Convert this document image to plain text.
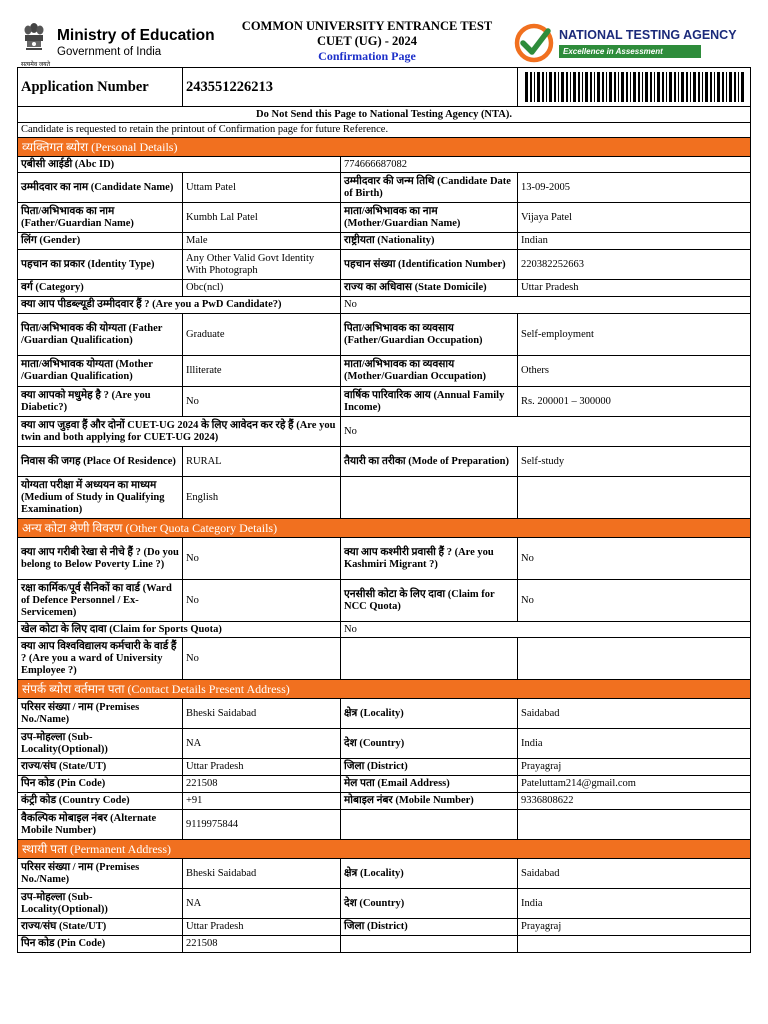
Ministry of Education
Government of India
सत्यमेव जयते
COMMON UNIVERSITY ENTRANCE TEST
CUET (UG) - 2024
Confirmation Page
NATIONAL TESTING AGENCY
Excellence in Assessment
Application Number	243551226213	

Do Not Send this Page to National Testing Agency (NTA).			
Candidate is requested to retain the printout of Confirmation page for future Reference.			
व्यक्तिगत ब्योरा (Personal Details)			
एबीसी आईडी (Abc ID)		774666687082	
उम्मीदवार का नाम (Candidate Name)	Uttam Patel	उम्मीदवार की जन्म तिथि (Candidate Date of Birth)	13-09-2005
पिता/अभिभावक का नाम (Father/Guardian Name)	Kumbh Lal Patel	माता/अभिभावक का नाम (Mother/Guardian Name)	Vijaya Patel
लिंग (Gender)	Male	राष्ट्रीयता (Nationality)	Indian
पहचान का प्रकार (Identity Type)	Any Other Valid Govt Identity With Photograph	पहचान संख्या (Identification Number)	220382252663
वर्ग (Category)	Obc(ncl)	राज्य का अधिवास (State Domicile)	Uttar Pradesh
क्या आप पीडब्ल्यूडी उम्मीदवार हैं ? (Are you a PwD Candidate?)		No	
पिता/अभिभावक की योग्यता (Father /Guardian Qualification)	Graduate	पिता/अभिभावक का व्यवसाय (Father/Guardian Occupation)	Self-employment
माता/अभिभावक योग्यता (Mother /Guardian Qualification)	Illiterate	माता/अभिभावक का व्यवसाय (Mother/Guardian Occupation)	Others
क्या आपको मधुमेह है ? (Are you Diabetic?)	No	वार्षिक पारिवारिक आय (Annual Family Income)	Rs. 200001 – 300000
क्या आप जुड़वा हैं और दोनों CUET-UG 2024 के लिए आवेदन कर रहे हैं (Are you twin and both applying for CUET-UG 2024)		No	
निवास की जगह (Place Of Residence)	RURAL	तैयारी का तरीका (Mode of Preparation)	Self-study
योग्यता परीक्षा में अध्ययन का माध्यम (Medium of Study in Qualifying Examination)	English		
अन्य कोटा श्रेणी विवरण (Other Quota Category Details)			
क्या आप गरीबी रेखा से नीचे हैं ? (Do you belong to Below Poverty Line ?)	No	क्या आप कश्मीरी प्रवासी हैं ? (Are you Kashmiri Migrant ?)	No
रक्षा कार्मिक/पूर्व सैनिकों का वार्ड (Ward of Defence Personnel / Ex-Servicemen)	No	एनसीसी कोटा के लिए दावा (Claim for NCC Quota)	No
खेल कोटा के लिए दावा (Claim for Sports Quota)		No	
क्या आप विश्वविद्यालय कर्मचारी के वार्ड हैं ? (Are you a ward of University Employee ?)	No		
संपर्क ब्योरा वर्तमान पता (Contact Details Present Address)			
परिसर संख्या / नाम (Premises No./Name)	Bheski Saidabad	क्षेत्र (Locality)	Saidabad
उप-मोहल्ला (Sub-Locality(Optional))	NA	देश (Country)	India
राज्य/संघ (State/UT)	Uttar Pradesh	जिला (District)	Prayagraj
पिन कोड (Pin Code)	221508	मेल पता (Email Address)	Pateluttam214@gmail.com
कंट्री कोड (Country Code)	+91	मोबाइल नंबर (Mobile Number)	9336808622
वैकल्पिक मोबाइल नंबर (Alternate Mobile Number)	9119975844		
स्थायी पता (Permanent Address)			
परिसर संख्या / नाम (Premises No./Name)	Bheski Saidabad	क्षेत्र (Locality)	Saidabad
उप-मोहल्ला (Sub-Locality(Optional))	NA	देश (Country)	India
राज्य/संघ (State/UT)	Uttar Pradesh	जिला (District)	Prayagraj
पिन कोड (Pin Code)	221508		
